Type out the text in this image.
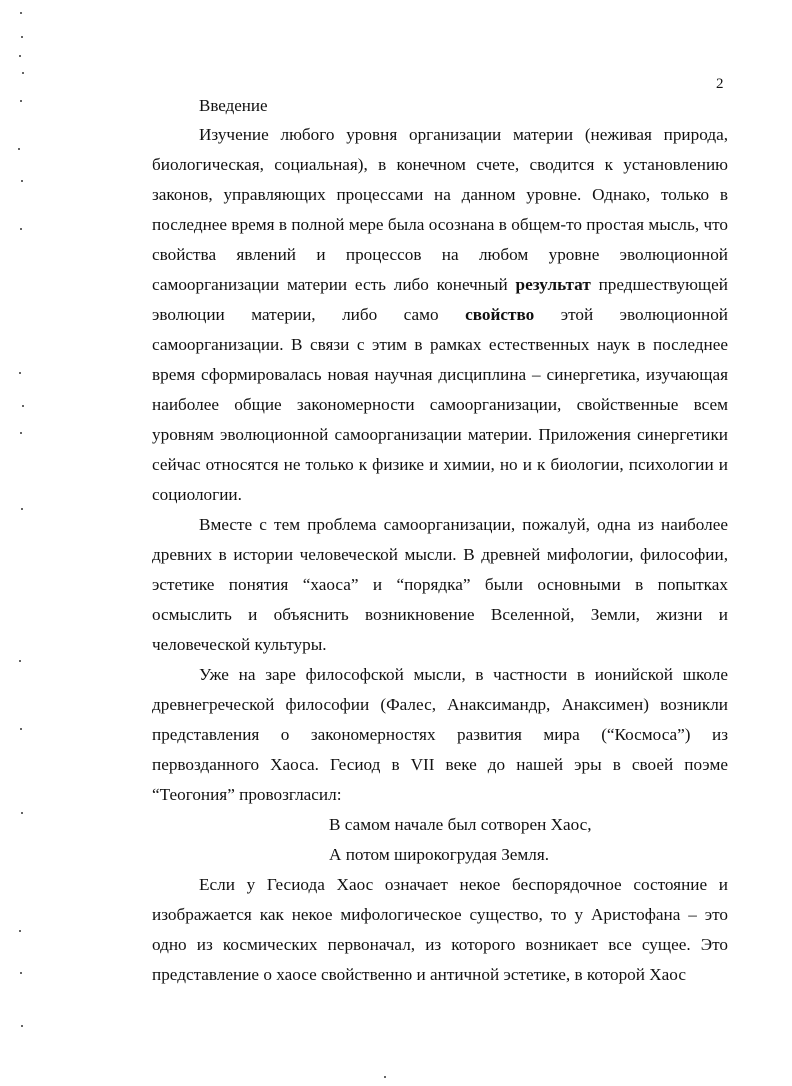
2
Введение

Изучение любого уровня организации материи (неживая природа, биологическая, социальная), в конечном счете, сводится к установлению законов, управляющих процессами на данном уровне. Однако, только в последнее время в полной мере была осознана в общем-то простая мысль, что свойства явлений и процессов на любом уровне эволюционной самоорганизации материи есть либо конечный результат предшествующей эволюции материи, либо само свойство этой эволюционной самоорганизации. В связи с этим в рамках естественных наук в последнее время сформировалась новая научная дисциплина – синергетика, изучающая наиболее общие закономерности самоорганизации, свойственные всем уровням эволюционной самоорганизации материи. Приложения синергетики сейчас относятся не только к физике и химии, но и к биологии, психологии и социологии.

Вместе с тем проблема самоорганизации, пожалуй, одна из наиболее древних в истории человеческой мысли. В древней мифологии, философии, эстетике понятия “хаоса” и “порядка” были основными в попытках осмыслить и объяснить возникновение Вселенной, Земли, жизни и человеческой культуры.

Уже на заре философской мысли, в частности в ионийской школе древнегреческой философии (Фалес, Анаксимандр, Анаксимен) возникли представления о закономерностях развития мира (“Космоса”) из первозданного Хаоса. Гесиод в VII веке до нашей эры в своей поэме “Теогония” провозгласил:

В самом начале был сотворен Хаос,

А потом широкогрудая Земля.

Если у Гесиода Хаос означает некое беспорядочное состояние и изображается как некое мифологическое существо, то у Аристофана – это одно из космических первоначал, из которого возникает все сущее. Это представление о хаосе свойственно и античной эстетике, в которой Хаос
